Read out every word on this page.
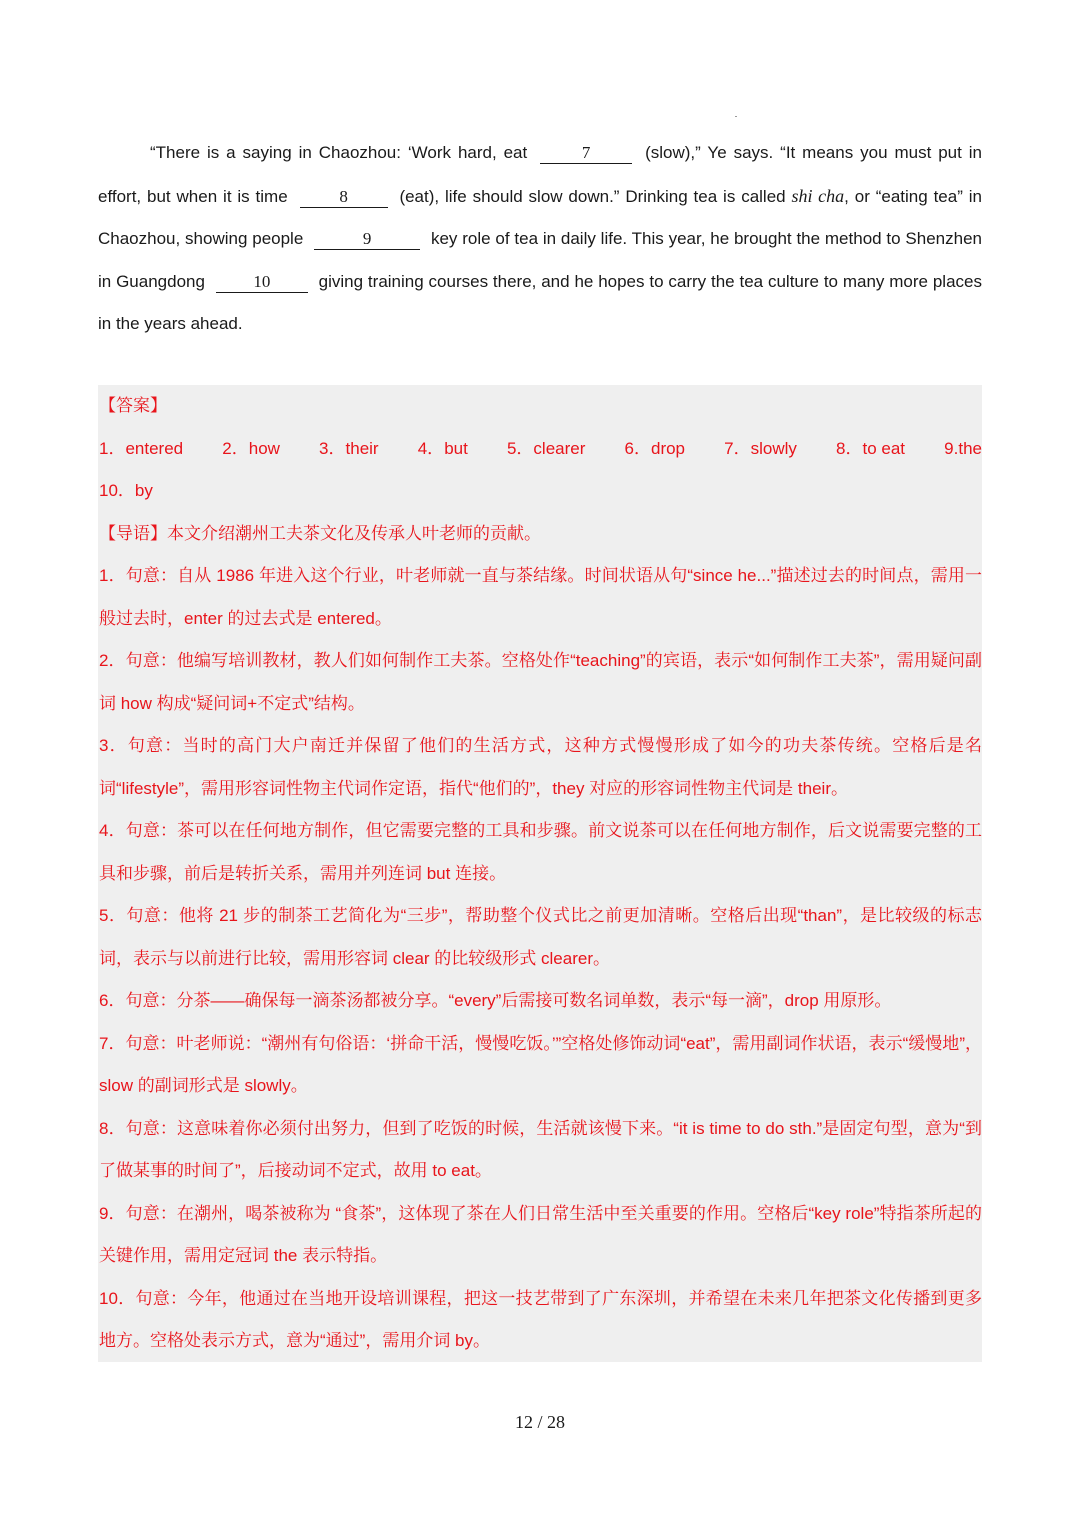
“There is a saying in Chaozhou: ‘Work hard, eat	7	(slow),” Ye says. “It means you must put in effort, but when it is time	8	(eat), life should slow down.” Drinking tea is called shi cha, or “eating tea” in Chaozhou, showing people	9	key role of tea in daily life. This year, he brought the method to Shenzhen in Guangdong	10	giving training courses there, and he hopes to carry the tea culture to many more places in the years ahead.
【答案】
1．entered 2．how 3．their 4．but 5．clearer 6．drop 7．slowly 8．to eat 9.the
10．by
【导语】本文介绍潮州工夫茶文化及传承人叶老师的贡献。
1．句意：自从 1986 年进入这个行业，叶老师就一直与茶结缘。时间状语从句“since he...”描述过去的时间点，需用一般过去时，enter 的过去式是 entered。
2．句意：他编写培训教材，教人们如何制作工夫茶。空格处作“teaching”的宾语，表示“如何制作工夫茶”，需用疑问副词 how 构成“疑问词+不定式”结构。
3．句意：当时的高门大户南迁并保留了他们的生活方式，这种方式慢慢形成了如今的功夫茶传统。空格后是名词“lifestyle”，需用形容词性物主代词作定语，指代“他们的”，they 对应的形容词性物主代词是 their。
4．句意：茶可以在任何地方制作，但它需要完整的工具和步骤。前文说茶可以在任何地方制作，后文说需要完整的工具和步骤，前后是转折关系，需用并列连词 but 连接。
5．句意：他将 21 步的制茶工艺简化为“三步”，帮助整个仪式比之前更加清晰。空格后出现“than”，是比较级的标志词，表示与以前进行比较，需用形容词 clear 的比较级形式 clearer。
6．句意：分茶——确保每一滴茶汤都被分享。“every”后需接可数名词单数，表示“每一滴”，drop 用原形。
7．句意：叶老师说：“潮州有句俗语：‘拼命干活，慢慢吃饭。’”空格处修饰动词“eat”，需用副词作状语，表示“缓慢地”，slow 的副词形式是 slowly。
8．句意：这意味着你必须付出努力，但到了吃饭的时候，生活就该慢下来。“it is time to do sth.”是固定句型，意为“到了做某事的时间了”，后接动词不定式，故用 to eat。
9．句意：在潮州，喝茶被称为 “食茶”，这体现了茶在人们日常生活中至关重要的作用。空格后“key role”特指茶所起的关键作用，需用定冠词 the 表示特指。
10．句意：今年，他通过在当地开设培训课程，把这一技艺带到了广东深圳，并希望在未来几年把茶文化传播到更多地方。空格处表示方式，意为“通过”，需用介词 by。
12 / 28
